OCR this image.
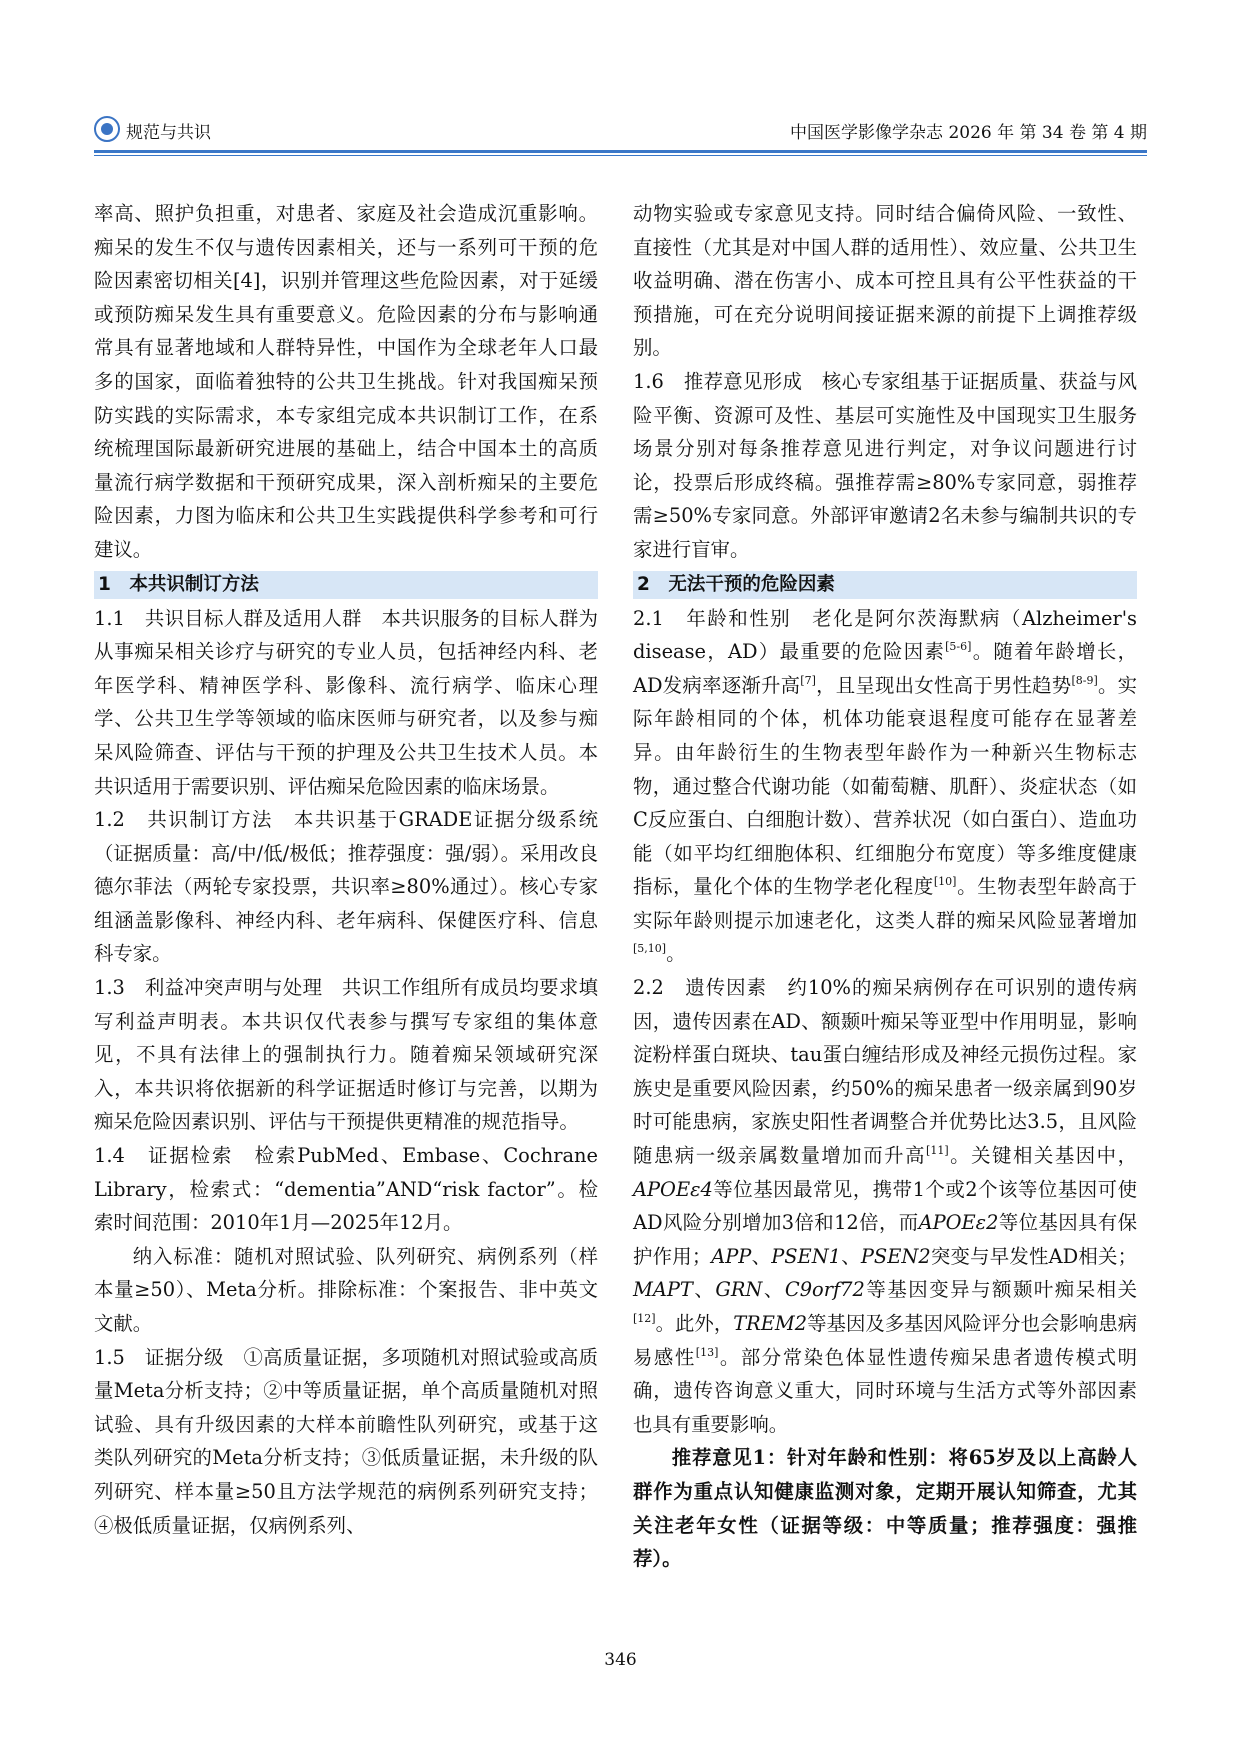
规范与共识	中国医学影像学杂志 2026 年 第 34 卷 第 4 期

率高、照护负担重，对患者、家庭及社会造成沉重影响。痴呆的发生不仅与遗传因素相关，还与一系列可干预的危险因素密切相关[4]，识别并管理这些危险因素，对于延缓或预防痴呆发生具有重要意义。危险因素的分布与影响通常具有显著地域和人群特异性，中国作为全球老年人口最多的国家，面临着独特的公共卫生挑战。针对我国痴呆预防实践的实际需求，本专家组完成本共识制订工作，在系统梳理国际最新研究进展的基础上，结合中国本土的高质量流行病学数据和干预研究成果，深入剖析痴呆的主要危险因素，力图为临床和公共卫生实践提供科学参考和可行建议。

1　本共识制订方法

1.1　共识目标人群及适用人群　本共识服务的目标人群为从事痴呆相关诊疗与研究的专业人员，包括神经内科、老年医学科、精神医学科、影像科、流行病学、临床心理学、公共卫生学等领域的临床医师与研究者，以及参与痴呆风险筛查、评估与干预的护理及公共卫生技术人员。本共识适用于需要识别、评估痴呆危险因素的临床场景。

1.2　共识制订方法　本共识基于GRADE证据分级系统（证据质量：高/中/低/极低；推荐强度：强/弱）。采用改良德尔菲法（两轮专家投票，共识率≥80%通过）。核心专家组涵盖影像科、神经内科、老年病科、保健医疗科、信息科专家。

1.3　利益冲突声明与处理　共识工作组所有成员均要求填写利益声明表。本共识仅代表参与撰写专家组的集体意见，不具有法律上的强制执行力。随着痴呆领域研究深入，本共识将依据新的科学证据适时修订与完善，以期为痴呆危险因素识别、评估与干预提供更精准的规范指导。

1.4　证据检索　检索PubMed、Embase、Cochrane Library，检索式：“dementia”AND“risk factor”。检索时间范围：2010年1月—2025年12月。

纳入标准：随机对照试验、队列研究、病例系列（样本量≥50）、Meta分析。排除标准：个案报告、非中英文文献。

1.5　证据分级　①高质量证据，多项随机对照试验或高质量Meta分析支持；②中等质量证据，单个高质量随机对照试验、具有升级因素的大样本前瞻性队列研究，或基于这类队列研究的Meta分析支持；③低质量证据，未升级的队列研究、样本量≥50且方法学规范的病例系列研究支持；④极低质量证据，仅病例系列、

动物实验或专家意见支持。同时结合偏倚风险、一致性、直接性（尤其是对中国人群的适用性）、效应量、公共卫生收益明确、潜在伤害小、成本可控且具有公平性获益的干预措施，可在充分说明间接证据来源的前提下上调推荐级别。

1.6　推荐意见形成　核心专家组基于证据质量、获益与风险平衡、资源可及性、基层可实施性及中国现实卫生服务场景分别对每条推荐意见进行判定，对争议问题进行讨论，投票后形成终稿。强推荐需≥80%专家同意，弱推荐需≥50%专家同意。外部评审邀请2名未参与编制共识的专家进行盲审。

2　无法干预的危险因素

2.1　年龄和性别　老化是阿尔茨海默病（Alzheimer's disease，AD）最重要的危险因素[5-6]。随着年龄增长，AD发病率逐渐升高[7]，且呈现出女性高于男性趋势[8-9]。实际年龄相同的个体，机体功能衰退程度可能存在显著差异。由年龄衍生的生物表型年龄作为一种新兴生物标志物，通过整合代谢功能（如葡萄糖、肌酐）、炎症状态（如C反应蛋白、白细胞计数）、营养状况（如白蛋白）、造血功能（如平均红细胞体积、红细胞分布宽度）等多维度健康指标，量化个体的生物学老化程度[10]。生物表型年龄高于实际年龄则提示加速老化，这类人群的痴呆风险显著增加[5,10]。

2.2　遗传因素　约10%的痴呆病例存在可识别的遗传病因，遗传因素在AD、额颞叶痴呆等亚型中作用明显，影响淀粉样蛋白斑块、tau蛋白缠结形成及神经元损伤过程。家族史是重要风险因素，约50%的痴呆患者一级亲属到90岁时可能患病，家族史阳性者调整合并优势比达3.5，且风险随患病一级亲属数量增加而升高[11]。关键相关基因中，APOEε4等位基因最常见，携带1个或2个该等位基因可使AD风险分别增加3倍和12倍，而APOEε2等位基因具有保护作用；APP、PSEN1、PSEN2突变与早发性AD相关；MAPT、GRN、C9orf72等基因变异与额颞叶痴呆相关[12]。此外，TREM2等基因及多基因风险评分也会影响患病易感性[13]。部分常染色体显性遗传痴呆患者遗传模式明确，遗传咨询意义重大，同时环境与生活方式等外部因素也具有重要影响。

推荐意见1：针对年龄和性别：将65岁及以上高龄人群作为重点认知健康监测对象，定期开展认知筛查，尤其关注老年女性（证据等级：中等质量；推荐强度：强推荐）。

346
